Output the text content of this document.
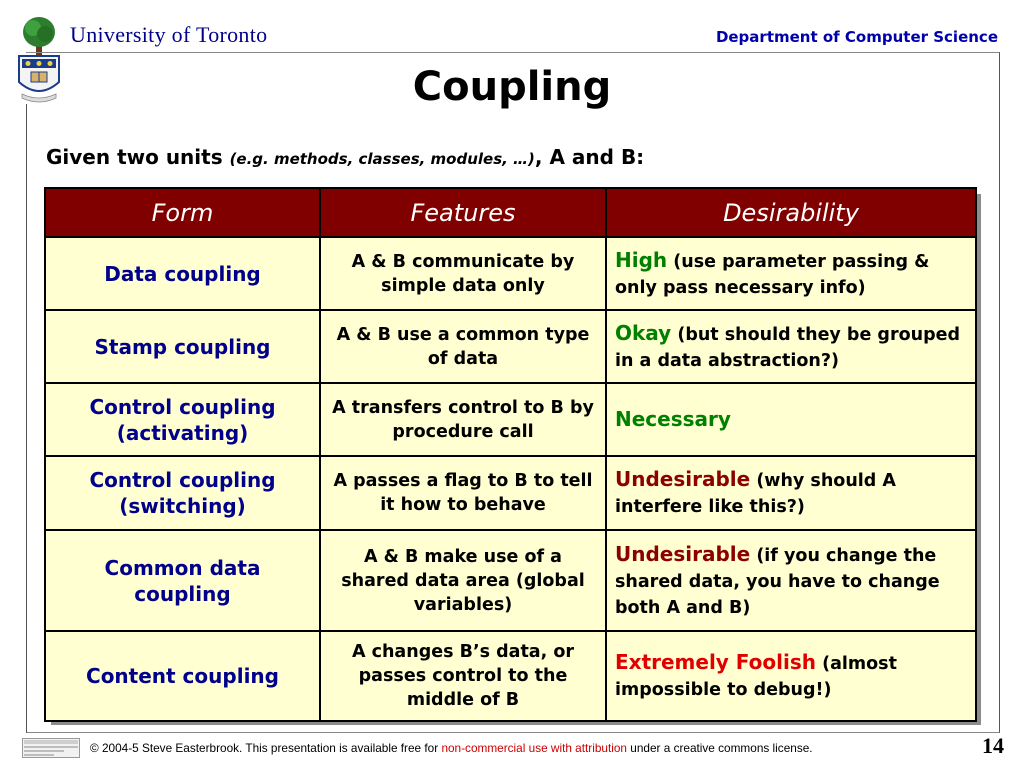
University of Toronto	Department of Computer Science
Coupling
Given two units (e.g. methods, classes, modules, …), A and B:
Form	Features	Desirability
Data coupling	A & B communicate by simple data only	High (use parameter passing & only pass necessary info)
Stamp coupling	A & B use a common type of data	Okay (but should they be grouped in a data abstraction?)
Control coupling (activating)	A transfers control to B by procedure call	Necessary
Control coupling (switching)	A passes a flag to B to tell it how to behave	Undesirable (why should A interfere like this?)
Common data coupling	A & B make use of a shared data area (global variables)	Undesirable (if you change the shared data, you have to change both A and B)
Content coupling	A changes B’s data, or passes control to the middle of B	Extremely Foolish (almost impossible to debug!)
© 2004-5 Steve Easterbrook. This presentation is available free for non-commercial use with attribution under a creative commons license.	14
